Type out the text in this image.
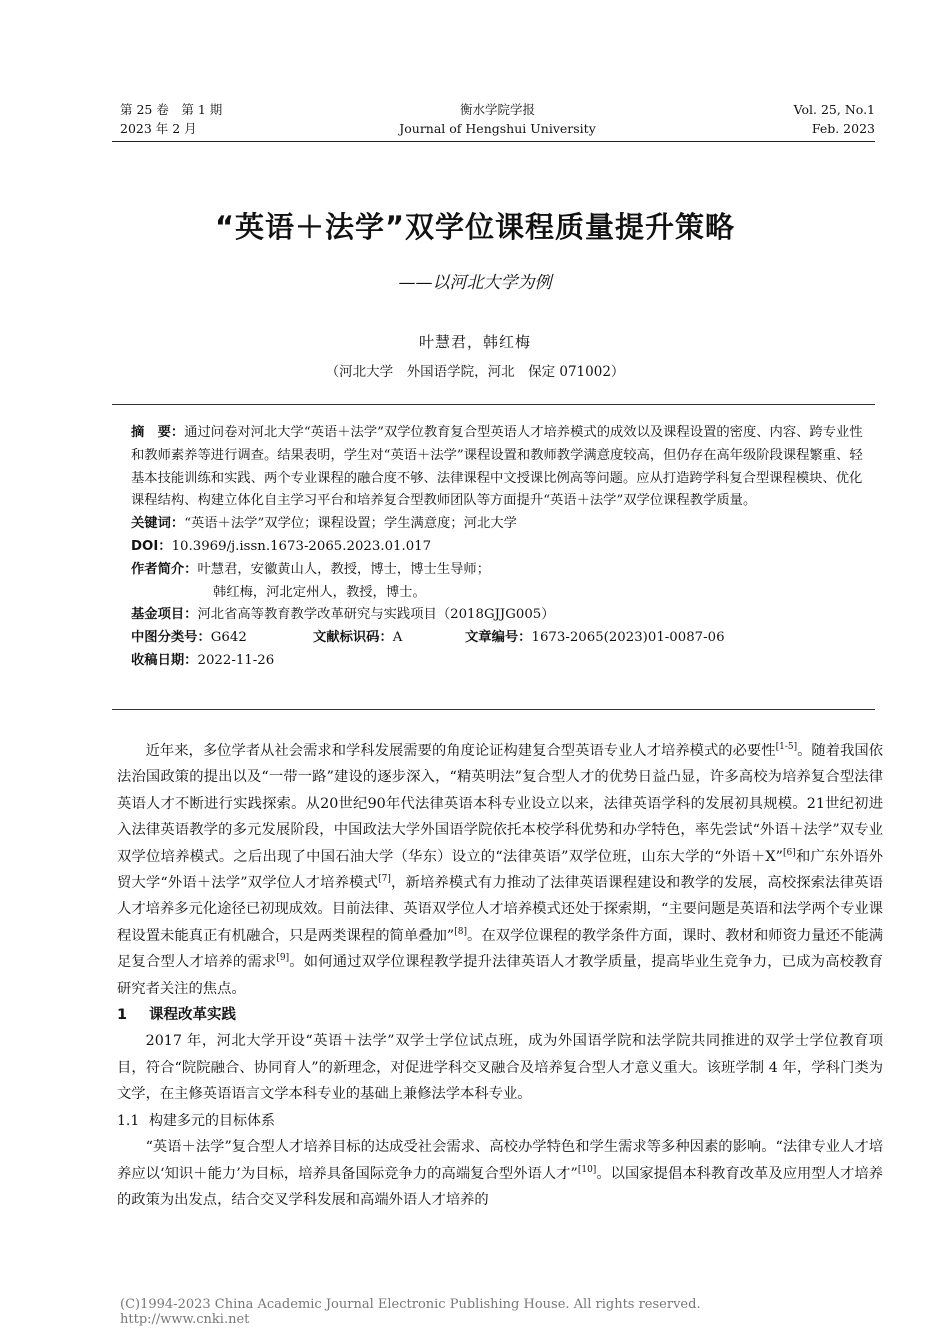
第 25 卷　第 1 期
2023 年 2 月
衡水学院学报
Journal of Hengshui University
Vol. 25, No.1
Feb. 2023
“英语＋法学”双学位课程质量提升策略
——以河北大学为例
叶慧君，韩红梅
（河北大学　外国语学院，河北　保定 071002）

摘　要：通过问卷对河北大学“英语＋法学”双学位教育复合型英语人才培养模式的成效以及课程设置的密度、内容、跨专业性和教师素养等进行调查。结果表明，学生对“英语＋法学”课程设置和教师教学满意度较高，但仍存在高年级阶段课程繁重、轻基本技能训练和实践、两个专业课程的融合度不够、法律课程中文授课比例高等问题。应从打造跨学科复合型课程模块、优化课程结构、构建立体化自主学习平台和培养复合型教师团队等方面提升“英语＋法学”双学位课程教学质量。

关键词：“英语＋法学”双学位；课程设置；学生满意度；河北大学

DOI：10.3969/j.issn.1673-2065.2023.01.017

作者简介：叶慧君，安徽黄山人，教授，博士，博士生导师；

韩红梅，河北定州人，教授，博士。

基金项目：河北省高等教育教学改革研究与实践项目（2018GJJG005）

中图分类号：G642	文献标识码：A	文章编号：1673-2065(2023)01-0087-06

收稿日期：2022-11-26

近年来，多位学者从社会需求和学科发展需要的角度论证构建复合型英语专业人才培养模式的必要性[1-5]。随着我国依法治国政策的提出以及“一带一路”建设的逐步深入，“精英明法”复合型人才的优势日益凸显，许多高校为培养复合型法律英语人才不断进行实践探索。从20世纪90年代法律英语本科专业设立以来，法律英语学科的发展初具规模。21世纪初进入法律英语教学的多元发展阶段，中国政法大学外国语学院依托本校学科优势和办学特色，率先尝试“外语＋法学”双专业双学位培养模式。之后出现了中国石油大学（华东）设立的“法律英语”双学位班，山东大学的“外语＋X”[6]和广东外语外贸大学“外语＋法学”双学位人才培养模式[7]，新培养模式有力推动了法律英语课程建设和教学的发展，高校探索法律英语人才培养多元化途径已初现成效。目前法律、英语双学位人才培养模式还处于探索期，“主要问题是英语和法学两个专业课程设置未能真正有机融合，只是两类课程的简单叠加”[8]。在双学位课程的教学条件方面，课时、教材和师资力量还不能满足复合型人才培养的需求[9]。如何通过双学位课程教学提升法律英语人才教学质量，提高毕业生竞争力，已成为高校教育研究者关注的焦点。

1 课程改革实践

2017 年，河北大学开设“英语＋法学”双学士学位试点班，成为外国语学院和法学院共同推进的双学士学位教育项目，符合“院院融合、协同育人”的新理念，对促进学科交叉融合及培养复合型人才意义重大。该班学制 4 年，学科门类为文学，在主修英语语言文学本科专业的基础上兼修法学本科专业。

1.1 构建多元的目标体系

“英语＋法学”复合型人才培养目标的达成受社会需求、高校办学特色和学生需求等多种因素的影响。“法律专业人才培养应以‘知识＋能力’为目标，培养具备国际竞争力的高端复合型外语人才”[10]。以国家提倡本科教育改革及应用型人才培养的政策为出发点，结合交叉学科发展和高端外语人才培养的

(C)1994-2023 China Academic Journal Electronic Publishing House. All rights reserved. http://www.cnki.net
